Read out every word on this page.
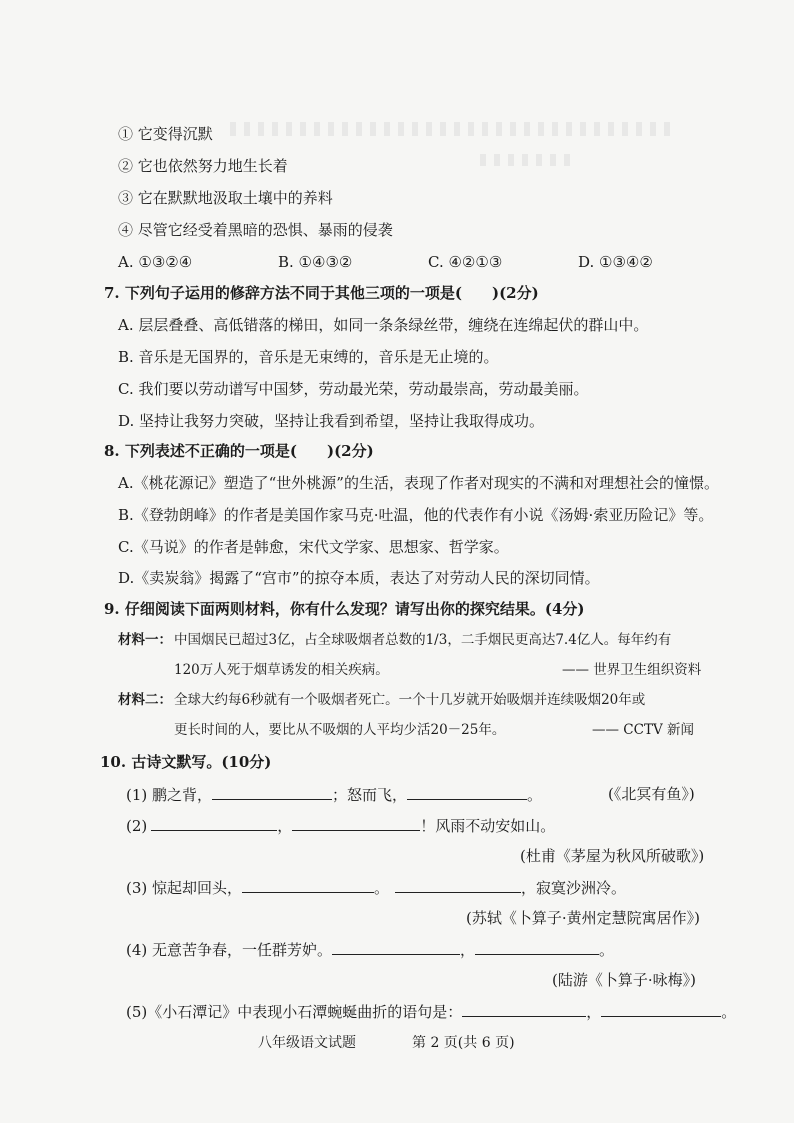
① 它变得沉默
② 它也依然努力地生长着
③ 它在默默地汲取土壤中的养料
④ 尽管它经受着黑暗的恐惧、暴雨的侵袭
A. ①③②④	B. ①④③②	C. ④②①③	D. ①③④②
7. 下列句子运用的修辞方法不同于其他三项的一项是(　　)(2分)
A. 层层叠叠、高低错落的梯田，如同一条条绿丝带，缠绕在连绵起伏的群山中。
B. 音乐是无国界的，音乐是无束缚的，音乐是无止境的。
C. 我们要以劳动谱写中国梦，劳动最光荣，劳动最崇高，劳动最美丽。
D. 坚持让我努力突破，坚持让我看到希望，坚持让我取得成功。
8. 下列表述不正确的一项是(　　)(2分)
A.《桃花源记》塑造了“世外桃源”的生活，表现了作者对现实的不满和对理想社会的憧憬。
B.《登勃朗峰》的作者是美国作家马克·吐温，他的代表作有小说《汤姆·索亚历险记》等。
C.《马说》的作者是韩愈，宋代文学家、思想家、哲学家。
D.《卖炭翁》揭露了“宫市”的掠夺本质，表达了对劳动人民的深切同情。
9. 仔细阅读下面两则材料，你有什么发现？请写出你的探究结果。(4分)
材料一： 中国烟民已超过3亿，占全球吸烟者总数的1/3，二手烟民更高达7.4亿人。每年约有
120万人死于烟草诱发的相关疾病。	—— 世界卫生组织资料
材料二： 全球大约每6秒就有一个吸烟者死亡。一个十几岁就开始吸烟并连续吸烟20年或
更长时间的人，要比从不吸烟的人平均少活20－25年。	—— CCTV 新闻
10. 古诗文默写。(10分)
(1) 鹏之背，	；怒而飞，	。	(《北冥有鱼》)
(2)	，	！风雨不动安如山。
(杜甫《茅屋为秋风所破歌》)
(3) 惊起却回头，	。	，寂寞沙洲冷。
(苏轼《卜算子·黄州定慧院寓居作》)
(4) 无意苦争春，一任群芳妒。	，	。
(陆游《卜算子·咏梅》)
(5)《小石潭记》中表现小石潭蜿蜒曲折的语句是：	，	。
八年级语文试题	第 2 页(共 6 页)
